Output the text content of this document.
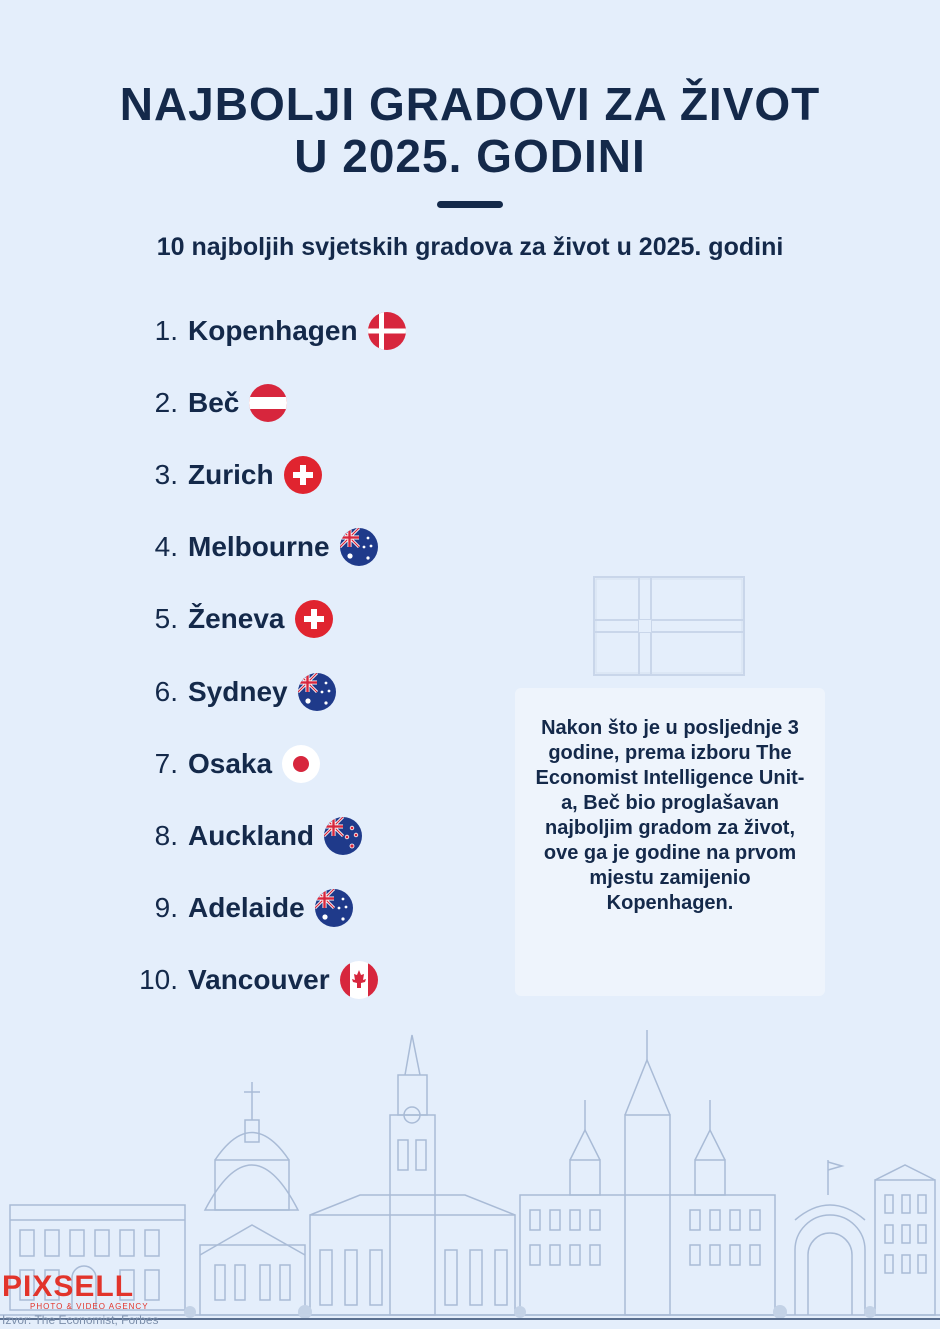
NAJBOLJI GRADOVI ZA ŽIVOT
U 2025. GODINI
10 najboljih svjetskih gradova za život u 2025. godini
1. Kopenhagen
2. Beč
3. Zurich
4. Melbourne
5. Ženeva
6. Sydney
7. Osaka
8. Auckland
9. Adelaide
10. Vancouver
Nakon što je u posljednje 3 godine, prema izboru The Economist Intelligence Unit-a, Beč bio proglašavan najboljim gradom za život, ove ga je godine na prvom mjestu zamijenio Kopenhagen.
PIXSELL
PHOTO & VIDEO AGENCY
Izvor: The Economist, Forbes
